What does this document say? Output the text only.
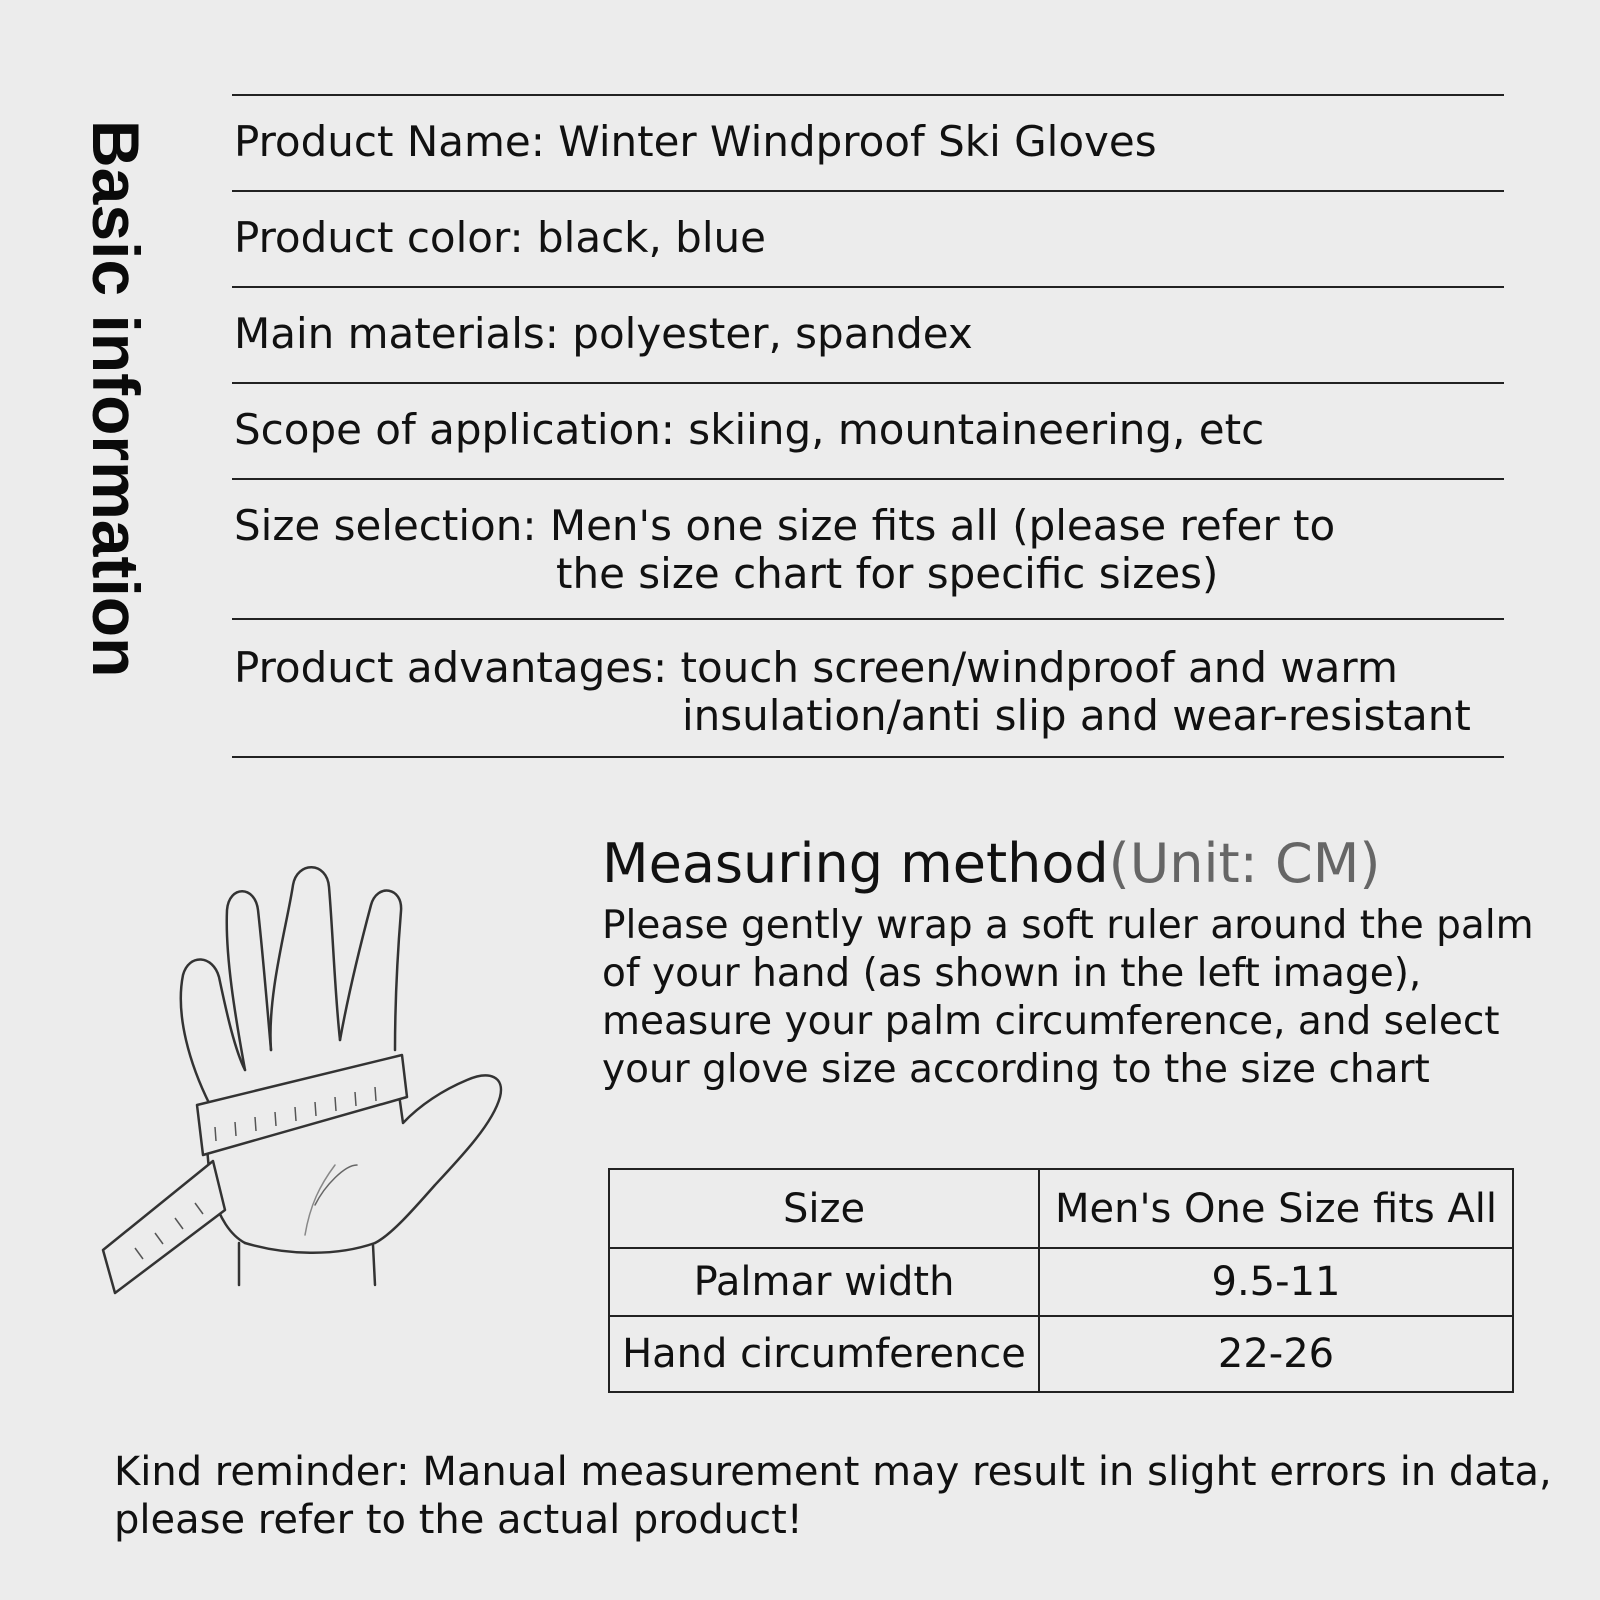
Basic information Product Name: Winter Windproof Ski Gloves
Product color: black, blue
Main materials: polyester, spandex
Scope of application: skiing, mountaineering, etc
Size selection: Men's one size fits all (please refer to
the size chart for specific sizes)
Product advantages: touch screen/windproof and warm
insulation/anti slip and wear-resistant
Measuring method(Unit: CM)
Please gently wrap a soft ruler around the palm of your hand (as shown in the left image), measure your palm circumference, and select your glove size according to the size chart
Size	Men's One Size fits All
Palmar width	9.5-11
Hand circumference	22-26
Kind reminder: Manual measurement may result in slight errors in data, please refer to the actual product!
